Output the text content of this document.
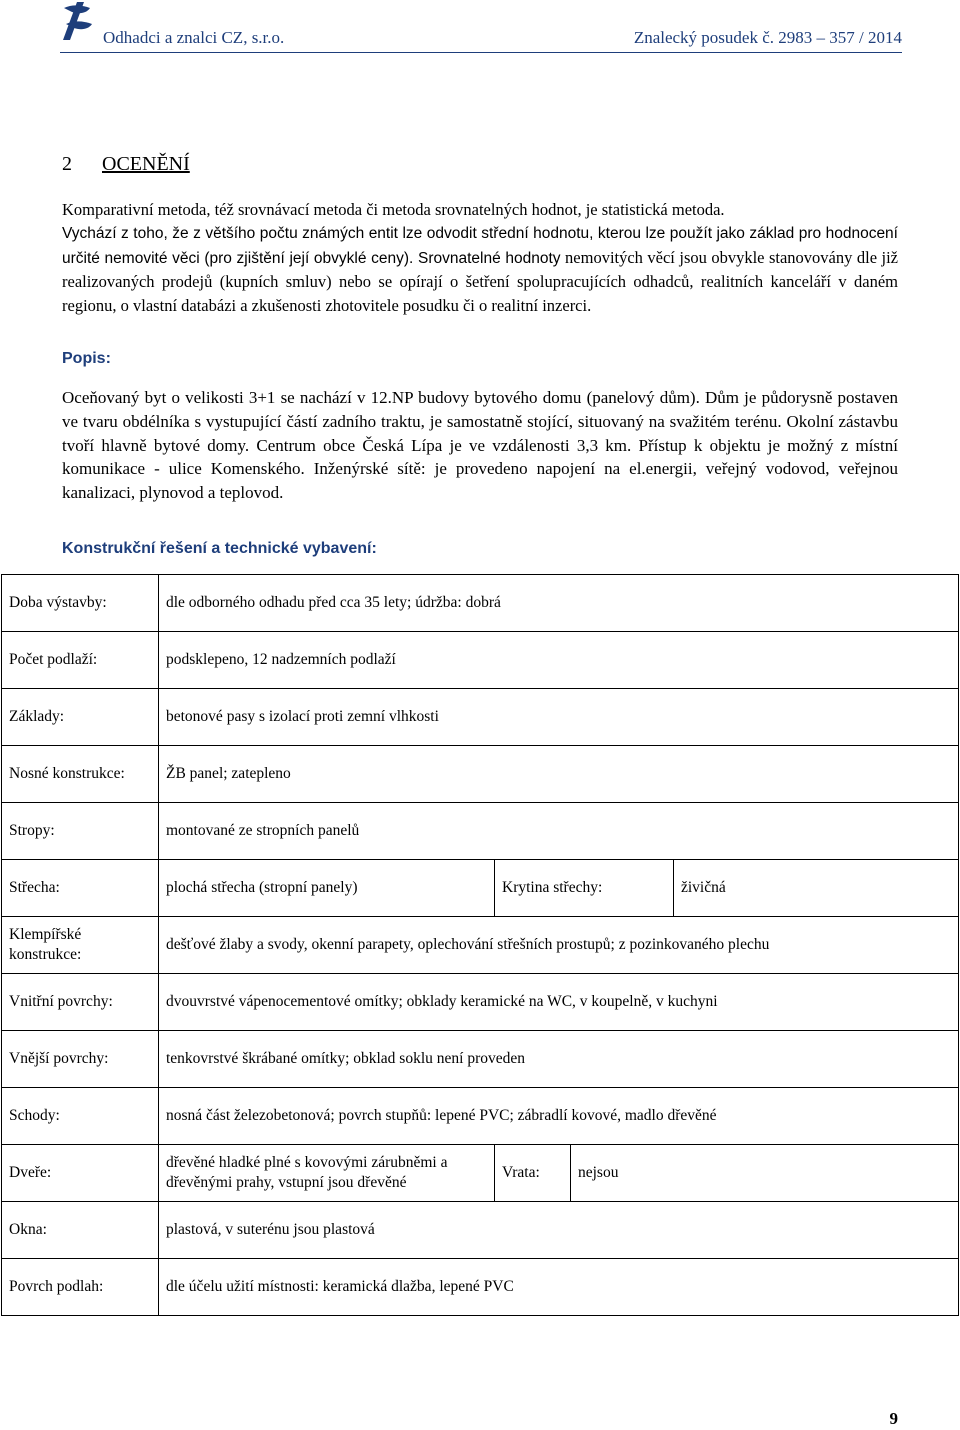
Odhadci a znalci CZ, s.r.o.	Znalecký posudek č. 2983 – 357 / 2014
2 OCENĚNÍ
Komparativní metoda, též srovnávací metoda či metoda srovnatelných hodnot, je statistická metoda.
Vychází z toho, že z většího počtu známých entit lze odvodit střední hodnotu, kterou lze použít jako základ pro hodnocení určité nemovité věci (pro zjištění její obvyklé ceny). Srovnatelné hodnoty nemovitých věcí jsou obvykle stanovovány dle již realizovaných prodejů (kupních smluv) nebo se opírají o šetření spolupracujících odhadců, realitních kanceláří v daném regionu, o vlastní databázi a zkušenosti zhotovitele posudku či o realitní inzerci.
Popis:
Oceňovaný byt o velikosti 3+1 se nachází v 12.NP budovy bytového domu (panelový dům). Dům je půdorysně postaven ve tvaru obdélníka s vystupující částí zadního traktu, je samostatně stojící, situovaný na svažitém terénu. Okolní zástavbu tvoří hlavně bytové domy. Centrum obce Česká Lípa je ve vzdálenosti 3,3 km. Přístup k objektu je možný z místní komunikace - ulice Komenského. Inženýrské sítě: je provedeno napojení na el.energii, veřejný vodovod, veřejnou kanalizaci, plynovod a teplovod.
Konstrukční řešení a technické vybavení:
Doba výstavby:	dle odborného odhadu před cca 35 lety; údržba: dobrá		
Počet podlaží:	podsklepeno, 12 nadzemních podlaží		
Základy:	betonové pasy s izolací proti zemní vlhkosti		
Nosné konstrukce:	ŽB panel; zatepleno		
Stropy:	montované ze stropních panelů		
Střecha:	plochá střecha (stropní panely)	Krytina střechy:	živičná
Klempířské konstrukce:	dešťové žlaby a svody, okenní parapety, oplechování střešních prostupů; z pozinkovaného plechu		
Vnitřní povrchy:	dvouvrstvé vápenocementové omítky; obklady keramické na WC, v koupelně, v kuchyni		
Vnější povrchy:	tenkovrstvé škrábané omítky; obklad soklu není proveden		
Schody:	nosná část železobetonová; povrch stupňů: lepené PVC; zábradlí kovové, madlo dřevěné		
Dveře:	dřevěné hladké plné s kovovými zárubněmi a dřevěnými prahy, vstupní jsou dřevěné	Vrata: nejsou	

Okna:	plastová, v suterénu jsou plastová		
Povrch podlah:	dle účelu užití místnosti: keramická dlažba, lepené PVC		
9
